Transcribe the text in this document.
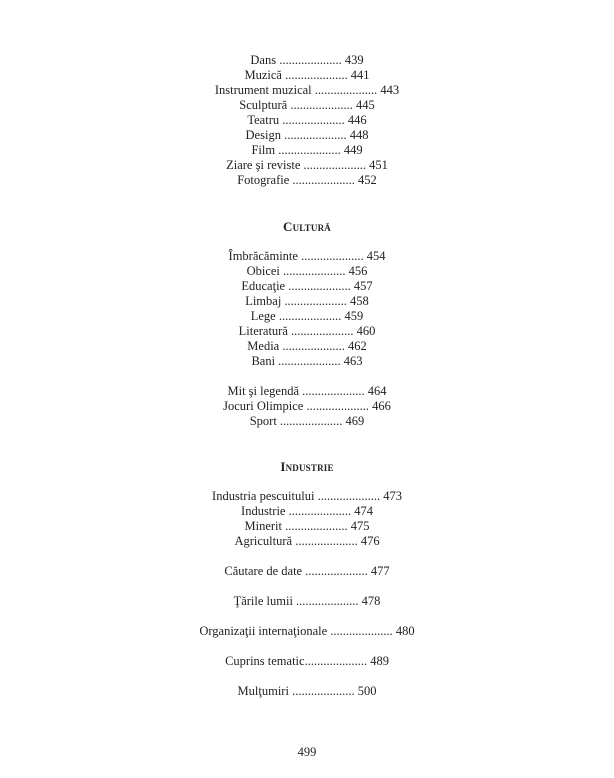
Dans .................... 439
Muzică .................... 441
Instrument muzical .................... 443
Sculptură .................... 445
Teatru .................... 446
Design .................... 448
Film .................... 449
Ziare şi reviste .................... 451
Fotografie .................... 452
Cultură
Îmbrăcăminte .................... 454
Obicei .................... 456
Educaţie .................... 457
Limbaj .................... 458
Lege .................... 459
Literatură .................... 460
Media .................... 462
Bani .................... 463
Mit şi legendă .................... 464
Jocuri Olimpice .................... 466
Sport .................... 469
Industrie
Industria pescuitului .................... 473
Industrie .................... 474
Minerit .................... 475
Agricultură .................... 476
Căutare de date .................... 477
Ţările lumii .................... 478
Organizaţii internaţionale .................... 480
Cuprins tematic.................... 489
Mulţumiri .................... 500
499
